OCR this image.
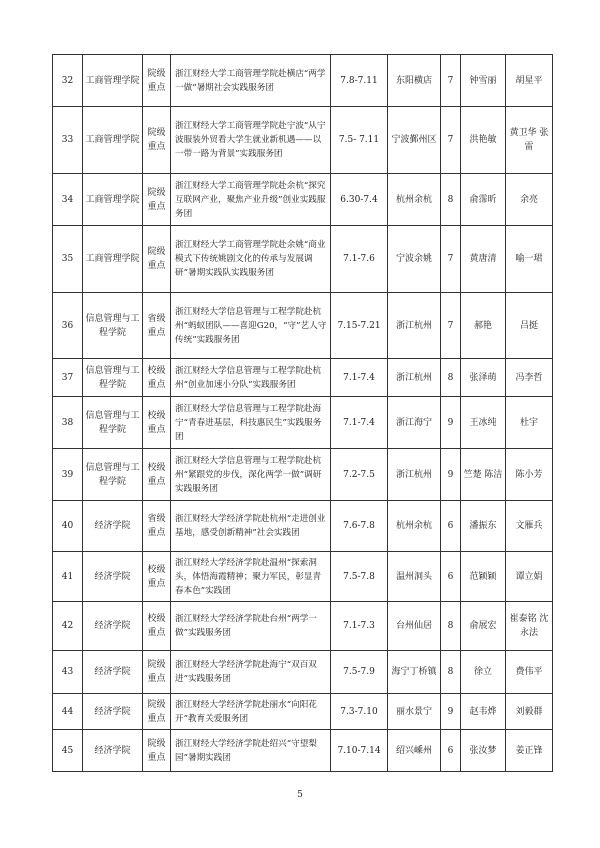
32	工商管理学院	院级重点	浙江财经大学工商管理学院赴横店“两学一做”暑期社会实践服务团	7.8-7.11	东阳横店	7	钟雪丽	胡星平
33	工商管理学院	院级重点	浙江财经大学工商管理学院赴宁波“从宁波服装外贸看大学生就业新机遇——以一带一路为背景”实践服务团	7.5- 7.11	宁波鄞州区	7	洪艳敏	黄卫华 张雷
34	工商管理学院	院级重点	浙江财经大学工商管理学院赴余杭“探究互联网产业，聚焦产业升级”创业实践服务团	6.30-7.4	杭州余杭	8	俞霈昕	余亮
35	工商管理学院	院级重点	浙江财经大学工商管理学院赴余姚“商业模式下传统姚剧文化的传承与发展调研”暑期实践队实践服务团	7.1-7.6	宁波余姚	7	黄唐清	喻一珺
36	信息管理与工程学院	省级重点	浙江财经大学信息管理与工程学院赴杭州“蚂蚁团队——喜迎G20，“守”艺人守传统”实践服务团	7.15-7.21	浙江杭州	7	郝艳	吕挺
37	信息管理与工程学院	校级重点	浙江财经大学信息管理与工程学院赴杭州“创业加速小分队”实践服务团	7.1-7.4	浙江杭州	8	张泽萌	冯李哲
38	信息管理与工程学院	校级重点	浙江财经大学信息管理与工程学院赴海宁“青春进基层，科技惠民生”实践服务团	7.1-7.4	浙江海宁	9	王冰纯	杜宇
39	信息管理与工程学院	校级重点	浙江财经大学信息管理与工程学院赴杭州“紧跟党的步伐，深化两学一做”调研实践服务团	7.2-7.5	浙江杭州	9	竺楚 陈洁	陈小芳
40	经济学院	省级重点	浙江财经大学经济学院赴杭州“走进创业基地，感受创新精神”社会实践团	7.6-7.8	杭州余杭	6	潘振东	文雁兵
41	经济学院	校级重点	浙江财经大学经济学院赴温州“探索洞头，体悟海霞精神；聚力军民，彰显青春本色”实践团	7.5-7.8	温州洞头	6	范颖颖	谭立娟
42	经济学院	校级重点	浙江财经大学经济学院赴台州“两学一做”实践服务团	7.1-7.3	台州仙居	8	俞展宏	崔泰铭 沈永法
43	经济学院	院级重点	浙江财经大学经济学院赴海宁“双百双进”实践服务团	7.5-7.9	海宁丁桥镇	8	徐立	费伟平
44	经济学院	院级重点	浙江财经大学经济学院赴丽水“向阳花开”教育关爱服务团	7.3-7.10	丽水景宁	9	赵韦烨	刘毅群
45	经济学院	院级重点	浙江财经大学经济学院赴绍兴“守望梨园”暑期实践团	7.10-7.14	绍兴嵊州	6	张汝梦	姜正锋
5
